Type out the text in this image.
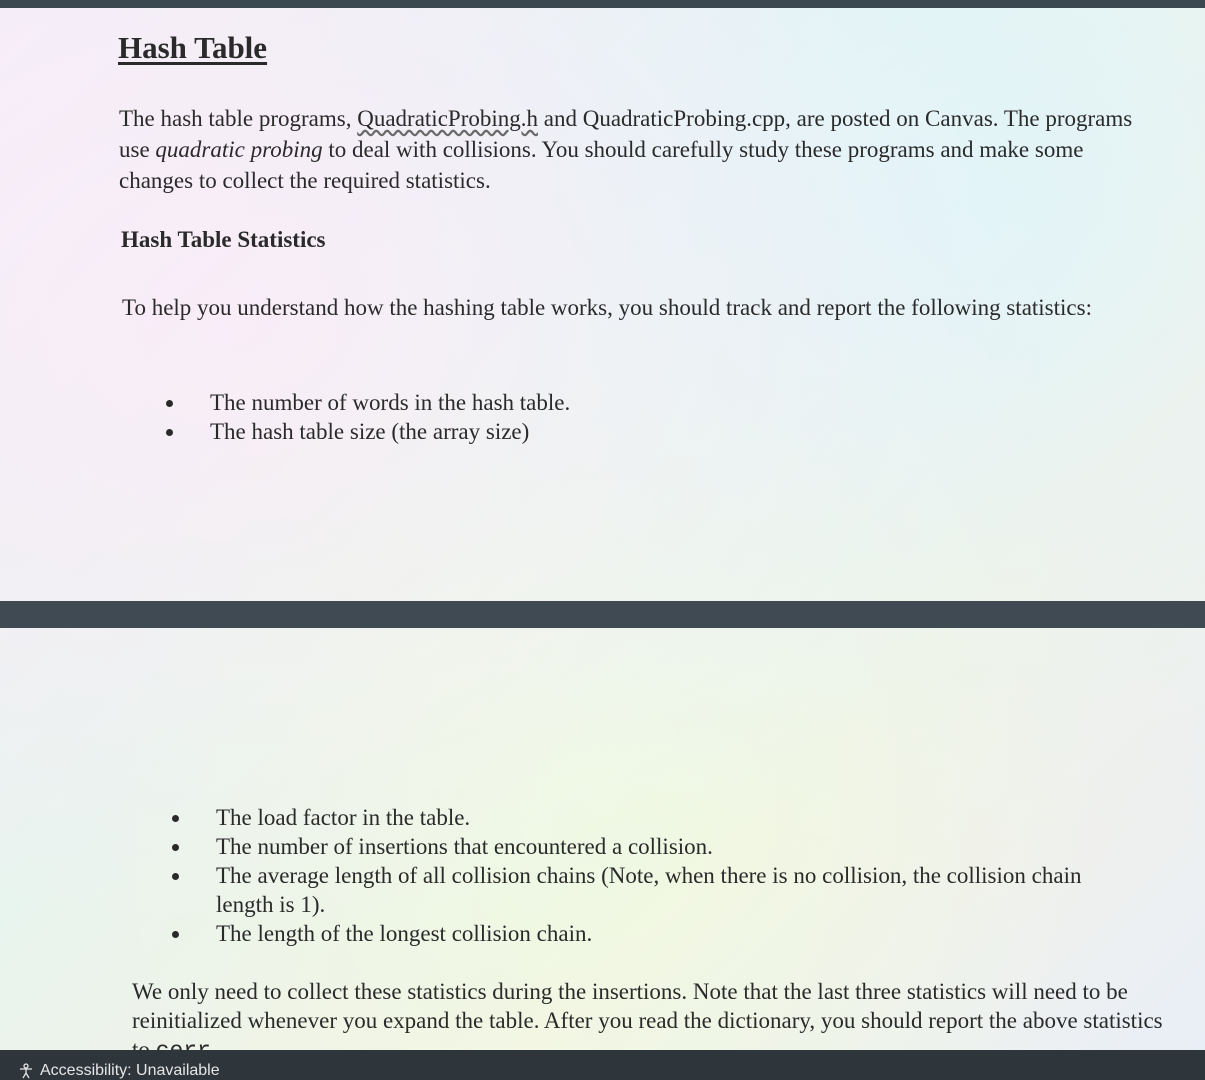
Hash Table

The hash table programs, QuadraticProbing.h and QuadraticProbing.cpp, are posted on Canvas. The programs use quadratic probing to deal with collisions. You should carefully study these programs and make some changes to collect the required statistics.

Hash Table Statistics

To help you understand how the hashing table works, you should track and report the following statistics:

The number of words in the hash table.
The hash table size (the array size)
The load factor in the table.
The number of insertions that encountered a collision.
The average length of all collision chains (Note, when there is no collision, the collision chain length is 1).
The length of the longest collision chain.

We only need to collect these statistics during the insertions. Note that the last three statistics will need to be reinitialized whenever you expand the table. After you read the dictionary, you should report the above statistics

Accessibility: Unavailable
